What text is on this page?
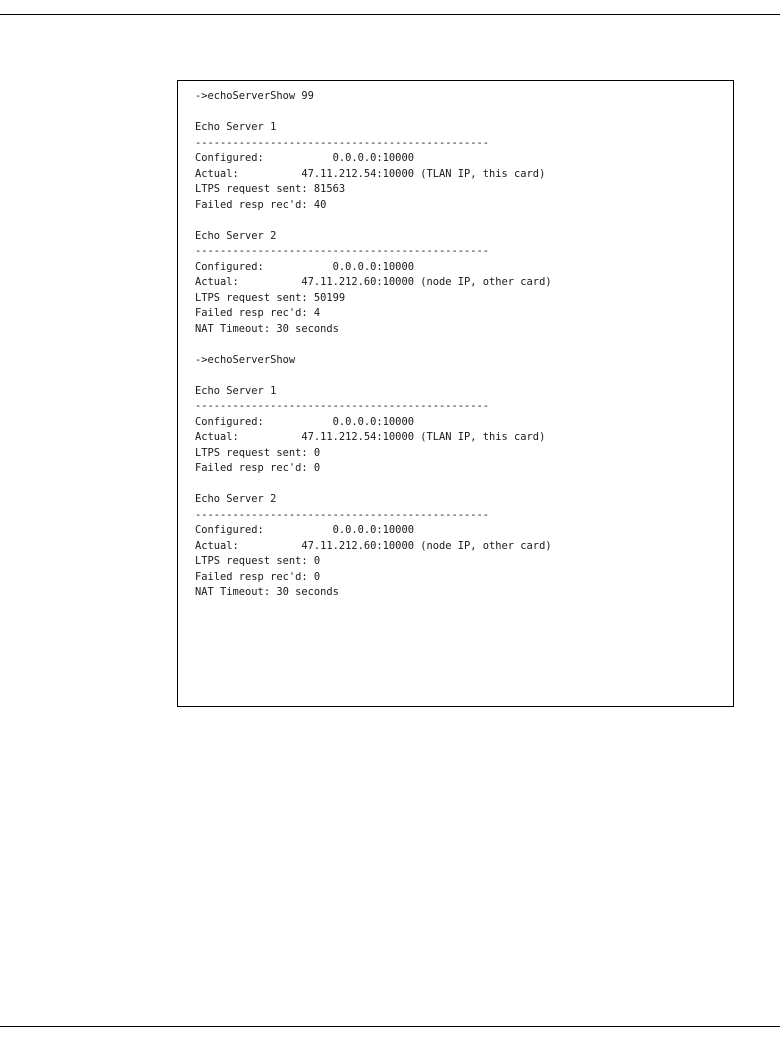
->echoServerShow 99
Echo Server 1
-----------------------------------------------
Configured:           0.0.0.0:10000
Actual:          47.11.212.54:10000 (TLAN IP, this card)
LTPS request sent: 81563
Failed resp rec'd: 40
Echo Server 2
-----------------------------------------------
Configured:           0.0.0.0:10000
Actual:          47.11.212.60:10000 (node IP, other card)
LTPS request sent: 50199
Failed resp rec'd: 4
NAT Timeout: 30 seconds
->echoServerShow
Echo Server 1
-----------------------------------------------
Configured:           0.0.0.0:10000
Actual:          47.11.212.54:10000 (TLAN IP, this card)
LTPS request sent: 0
Failed resp rec'd: 0
Echo Server 2
-----------------------------------------------
Configured:           0.0.0.0:10000
Actual:          47.11.212.60:10000 (node IP, other card)
LTPS request sent: 0
Failed resp rec'd: 0
NAT Timeout: 30 seconds
